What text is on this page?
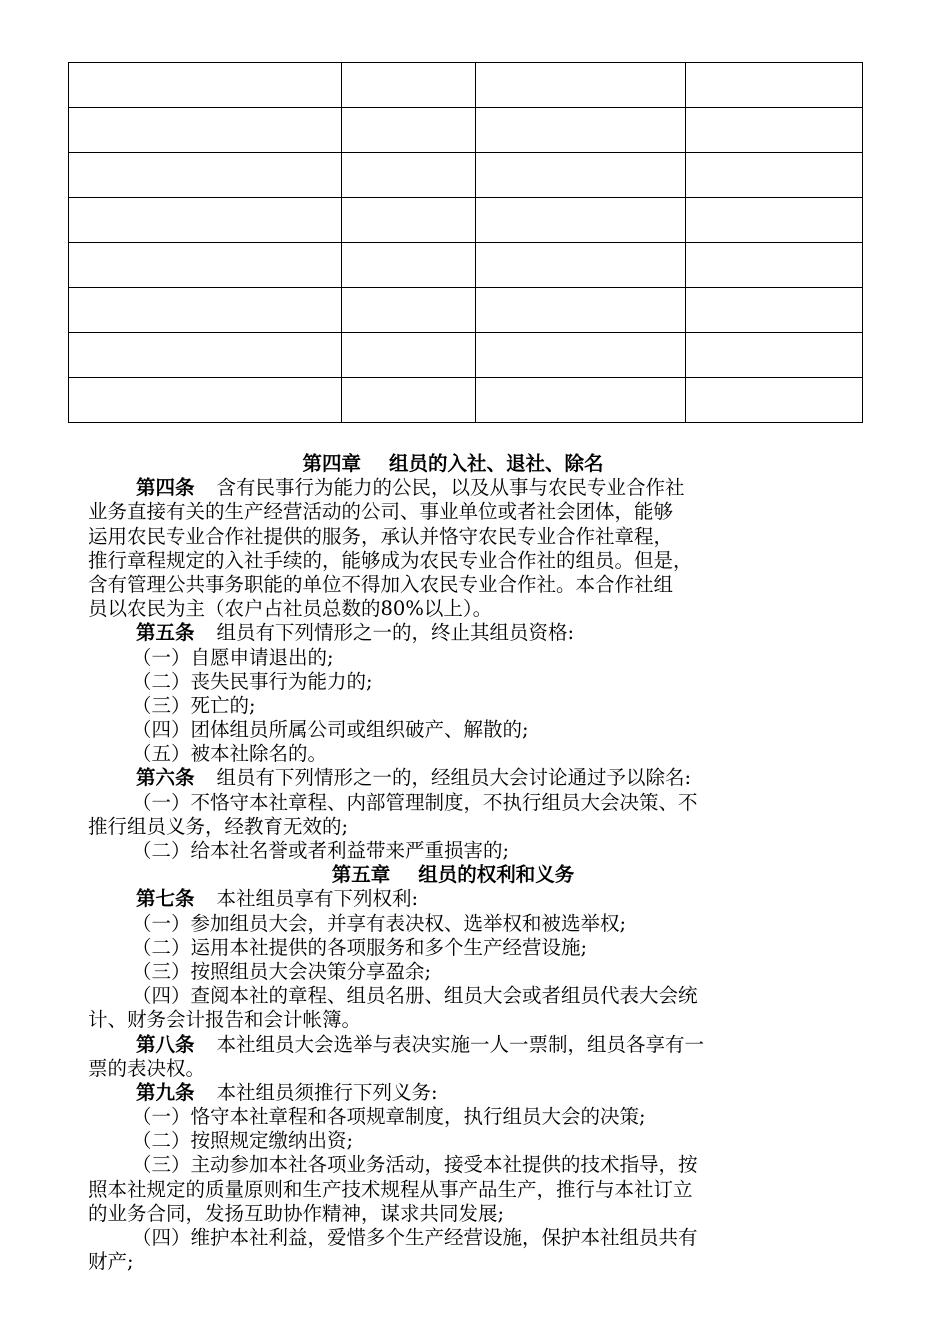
第四章 组员的入社、退社、除名
第四条 含有民事行为能力的公民，以及从事与农民专业合作社
业务直接有关的生产经营活动的公司、事业单位或者社会团体，能够
运用农民专业合作社提供的服务，承认并恪守农民专业合作社章程，
推行章程规定的入社手续的，能够成为农民专业合作社的组员。但是，
含有管理公共事务职能的单位不得加入农民专业合作社。本合作社组
员以农民为主（农户占社员总数的80%以上）。
第五条 组员有下列情形之一的，终止其组员资格:
（一）自愿申请退出的;
（二）丧失民事行为能力的;
（三）死亡的;
（四）团体组员所属公司或组织破产、解散的;
（五）被本社除名的。
第六条 组员有下列情形之一的，经组员大会讨论通过予以除名:
（一）不恪守本社章程、内部管理制度，不执行组员大会决策、不
推行组员义务，经教育无效的;
（二）给本社名誉或者利益带来严重损害的;
第五章 组员的权利和义务
第七条 本社组员享有下列权利:
（一）参加组员大会，并享有表决权、选举权和被选举权;
（二）运用本社提供的各项服务和多个生产经营设施;
（三）按照组员大会决策分享盈余;
（四）查阅本社的章程、组员名册、组员大会或者组员代表大会统
计、财务会计报告和会计帐簿。
第八条 本社组员大会选举与表决实施一人一票制，组员各享有一
票的表决权。
第九条 本社组员须推行下列义务:
（一）恪守本社章程和各项规章制度，执行组员大会的决策;
（二）按照规定缴纳出资;
（三）主动参加本社各项业务活动，接受本社提供的技术指导，按
照本社规定的质量原则和生产技术规程从事产品生产，推行与本社订立
的业务合同，发扬互助协作精神，谋求共同发展;
（四）维护本社利益，爱惜多个生产经营设施，保护本社组员共有
财产;
